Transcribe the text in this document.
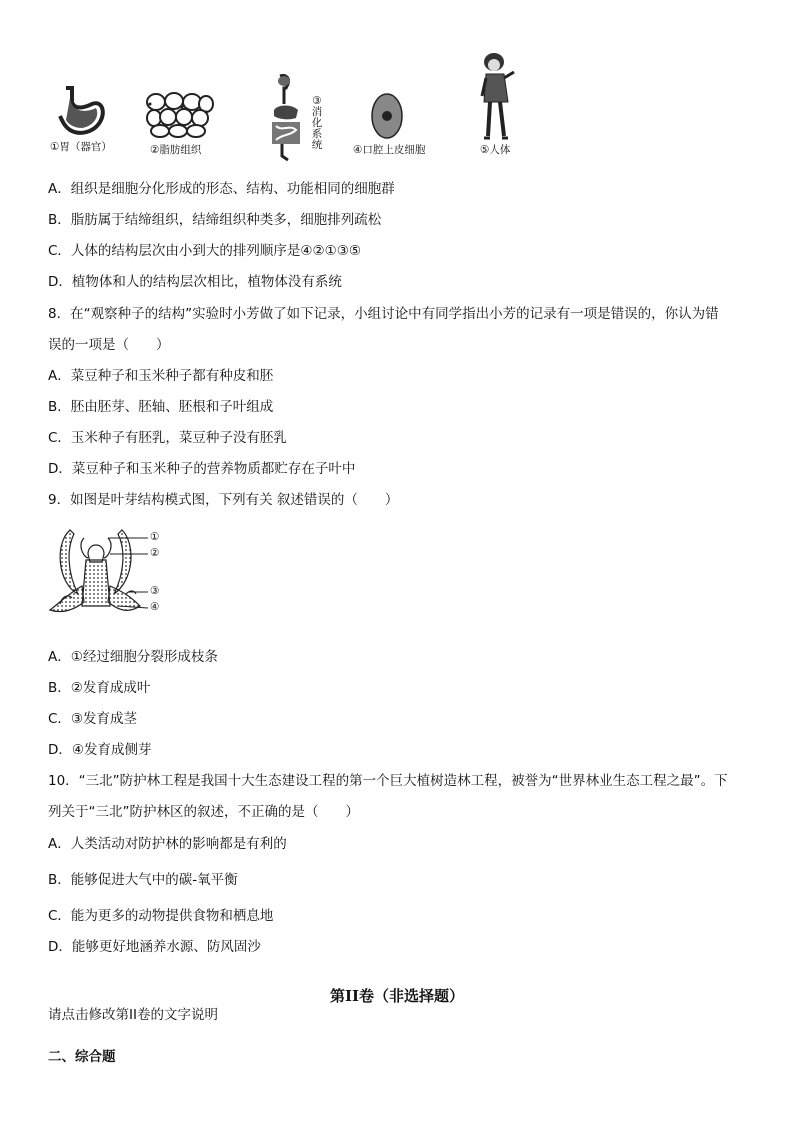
①胃（器官）	②脂肪组织
③
消
化
系
统	④口腔上皮细胞	⑤人体
A．组织是细胞分化形成的形态、结构、功能相同的细胞群
B．脂肪属于结缔组织，结缔组织种类多，细胞排列疏松
C．人体的结构层次由小到大的排列顺序是④②①③⑤
D．植物体和人的结构层次相比，植物体没有系统
8．在“观察种子的结构”实验时小芳做了如下记录，小组讨论中有同学指出小芳的记录有一项是错误的，你认为错
误的一项是（　　）
A．菜豆种子和玉米种子都有种皮和胚
B．胚由胚芽、胚轴、胚根和子叶组成
C．玉米种子有胚乳，菜豆种子没有胚乳
D．菜豆种子和玉米种子的营养物质都贮存在子叶中
9．如图是叶芽结构模式图，下列有关 叙述错误的（　　）
①
②
③
④
A．①经过细胞分裂形成枝条
B．②发育成成叶
C．③发育成茎
D．④发育成侧芽
10．“三北”防护林工程是我国十大生态建设工程的第一个巨大植树造林工程，被誉为“世界林业生态工程之最”。下
列关于“三北”防护林区的叙述，不正确的是（　　）
A．人类活动对防护林的影响都是有利的
B．能够促进大气中的碳-氧平衡
C．能为更多的动物提供食物和栖息地
D．能够更好地涵养水源、防风固沙
第II卷（非选择题）
请点击修改第II卷的文字说明
二、综合题
